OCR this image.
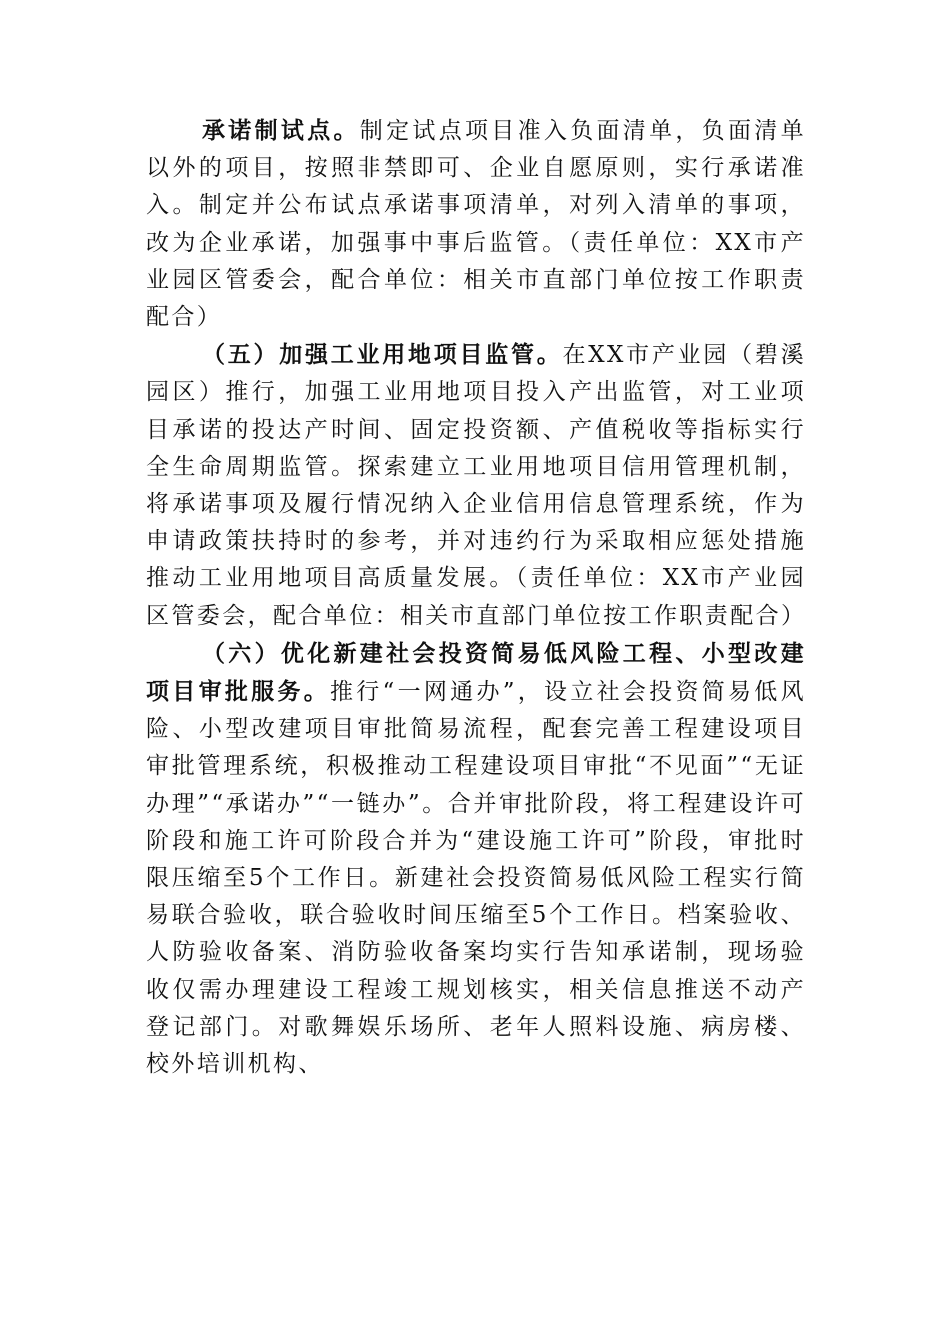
承诺制试点。制定试点项目准入负面清单，负面清单以外的项目，按照非禁即可、企业自愿原则，实行承诺准入。制定并公布试点承诺事项清单，对列入清单的事项，改为企业承诺，加强事中事后监管。（责任单位：XX市产业园区管委会，配合单位：相关市直部门单位按工作职责配合）

（五）加强工业用地项目监管。在XX市产业园（碧溪园区）推行，加强工业用地项目投入产出监管，对工业项目承诺的投达产时间、固定投资额、产值税收等指标实行全生命周期监管。探索建立工业用地项目信用管理机制，将承诺事项及履行情况纳入企业信用信息管理系统，作为申请政策扶持时的参考，并对违约行为采取相应惩处措施推动工业用地项目高质量发展。（责任单位：XX市产业园区管委会，配合单位：相关市直部门单位按工作职责配合）

（六）优化新建社会投资简易低风险工程、小型改建项目审批服务。推行“一网通办”，设立社会投资简易低风险、小型改建项目审批简易流程，配套完善工程建设项目审批管理系统，积极推动工程建设项目审批“不见面”“无证办理”“承诺办”“一链办”。合并审批阶段，将工程建设许可阶段和施工许可阶段合并为“建设施工许可”阶段，审批时限压缩至5个工作日。新建社会投资简易低风险工程实行简易联合验收，联合验收时间压缩至5个工作日。档案验收、人防验收备案、消防验收备案均实行告知承诺制，现场验收仅需办理建设工程竣工规划核实，相关信息推送不动产登记部门。对歌舞娱乐场所、老年人照料设施、病房楼、校外培训机构、
